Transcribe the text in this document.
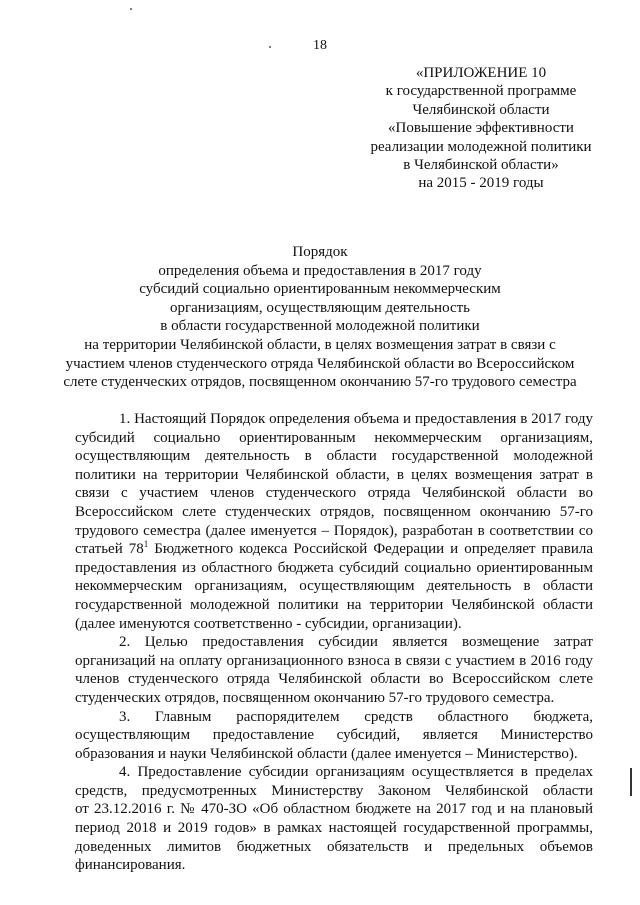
18
«ПРИЛОЖЕНИЕ 10
к государственной программе
Челябинской области
«Повышение эффективности
реализации молодежной политики
в Челябинской области»
на 2015 - 2019 годы
Порядок
определения объема и предоставления в 2017 году
субсидий социально ориентированным некоммерческим
организациям, осуществляющим деятельность
в области государственной молодежной политики
на территории Челябинской области, в целях возмещения затрат в связи с
участием членов студенческого отряда Челябинской области во Всероссийском
слете студенческих отрядов, посвященном окончанию 57-го трудового семестра
1. Настоящий Порядок определения объема и предоставления в 2017 году
субсидий социально ориентированным некоммерческим организациям,
осуществляющим деятельность в области государственной молодежной
политики на территории Челябинской области, в целях возмещения затрат в
связи с участием членов студенческого отряда Челябинской области во
Всероссийском слете студенческих отрядов, посвященном окончанию 57-го
трудового семестра (далее именуется – Порядок), разработан в соответствии со
статьей $78^1$ Бюджетного кодекса Российской Федерации и определяет правила
предоставления из областного бюджета субсидий социально ориентированным
некоммерческим организациям, осуществляющим деятельность в области
государственной молодежной политики на территории Челябинской области
(далее именуются соответственно - субсидии, организации).
2. Целью предоставления субсидии является возмещение затрат
организаций на оплату организационного взноса в связи с участием в 2016 году
членов студенческого отряда Челябинской области во Всероссийском слете
студенческих отрядов, посвященном окончанию 57-го трудового семестра.
3. Главным распорядителем средств областного бюджета,
осуществляющим предоставление субсидий, является Министерство
образования и науки Челябинской области (далее именуется – Министерство).
4. Предоставление субсидии организациям осуществляется в пределах
средств, предусмотренных Министерству Законом Челябинской области
от 23.12.2016 г. № 470-ЗО «Об областном бюджете на 2017 год и на плановый
период 2018 и 2019 годов» в рамках настоящей государственной программы,
доведенных лимитов бюджетных обязательств и предельных объемов
финансирования.
